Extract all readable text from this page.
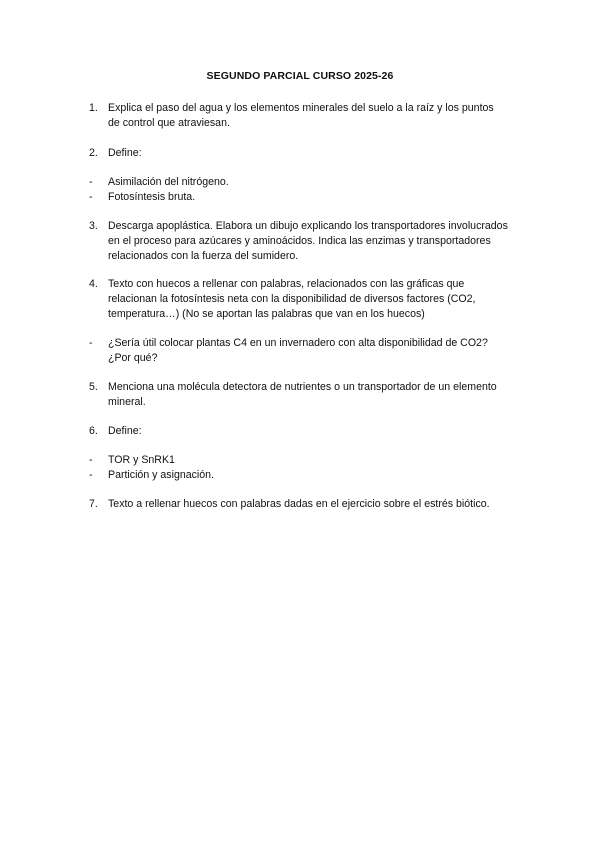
SEGUNDO PARCIAL CURSO 2025-26
1. Explica el paso del agua y los elementos minerales del suelo a la raíz y los puntos
de control que atraviesan.
2. Define:
-	Asimilación del nitrógeno.
-	Fotosíntesis bruta.
3. Descarga apoplástica. Elabora un dibujo explicando los transportadores involucrados
en el proceso para azúcares y aminoácidos. Indica las enzimas y transportadores
relacionados con la fuerza del sumidero.
4. Texto con huecos a rellenar con palabras, relacionados con las gráficas que
relacionan la fotosíntesis neta con la disponibilidad de diversos factores (CO2,
temperatura…) (No se aportan las palabras que van en los huecos)
-	¿Sería útil colocar plantas C4 en un invernadero con alta disponibilidad de CO2?
¿Por qué?
5. Menciona una molécula detectora de nutrientes o un transportador de un elemento
mineral.
6. Define:
-	TOR y SnRK1
-	Partición y asignación.
7. Texto a rellenar huecos con palabras dadas en el ejercicio sobre el estrés biótico.
